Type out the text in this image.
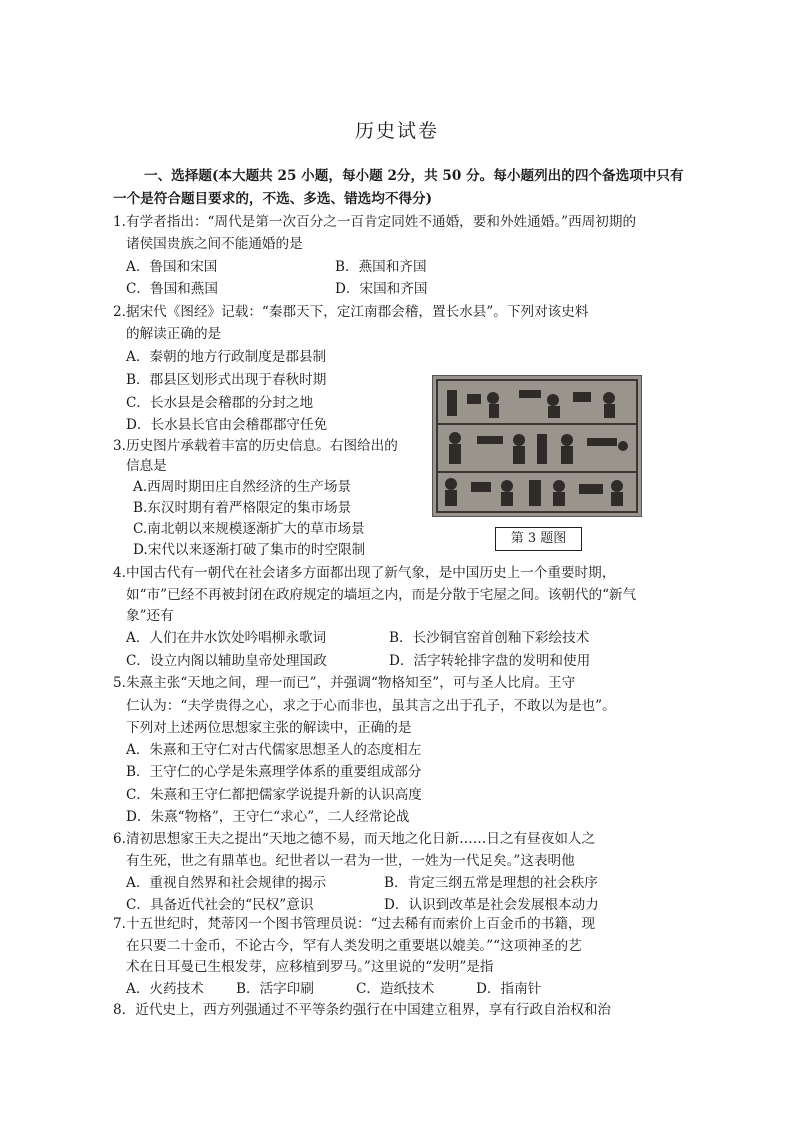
历史试卷
一、选择题(本大题共 25 小题，每小题 2分，共 50 分。每小题列出的四个备选项中只有
一个是符合题目要求的，不选、多选、错选均不得分)
1.有学者指出：“周代是第一次百分之一百肯定同姓不通婚，要和外姓通婚。”西周初期的
诸侯国贵族之间不能通婚的是
A．鲁国和宋国	B．燕国和齐国
C．鲁国和燕国	D．宋国和齐国
2.据宋代《图经》记载：“秦郡天下，定江南郡会稽，置长水县”。下列对该史料
的解读正确的是
A．秦朝的地方行政制度是郡县制
B．郡县区划形式出现于春秋时期
C．长水县是会稽郡的分封之地
D．长水县长官由会稽郡郡守任免
3.历史图片承载着丰富的历史信息。右图给出的
信息是
A.西周时期田庄自然经济的生产场景
B.东汉时期有着严格限定的集市场景
C.南北朝以来规模逐渐扩大的草市场景
D.宋代以来逐渐打破了集市的时空限制
第 3 题图
4.中国古代有一朝代在社会诸多方面都出现了新气象，是中国历史上一个重要时期，
如“市”已经不再被封闭在政府规定的墙垣之内，而是分散于宅屋之间。该朝代的“新气
象”还有
A．人们在井水饮处吟唱柳永歌词	B．长沙铜官窑首创釉下彩绘技术
C．设立内阁以辅助皇帝处理国政	D．活字转轮排字盘的发明和使用
5.朱熹主张“天地之间，理一而已”，并强调“物格知至”，可与圣人比肩。王守
仁认为：“夫学贵得之心，求之于心而非也，虽其言之出于孔子，不敢以为是也”。
下列对上述两位思想家主张的解读中，正确的是
A．朱熹和王守仁对古代儒家思想圣人的态度相左
B．王守仁的心学是朱熹理学体系的重要组成部分
C．朱熹和王守仁都把儒家学说提升新的认识高度
D．朱熹“物格”，王守仁“求心”，二人经常论战
6.清初思想家王夫之提出“天地之德不易，而天地之化日新……日之有昼夜如人之
有生死，世之有鼎革也。纪世者以一君为一世，一姓为一代足矣。”这表明他
A．重视自然界和社会规律的揭示	B．肯定三纲五常是理想的社会秩序
C．具备近代社会的“民权”意识	D．认识到改革是社会发展根本动力
7.十五世纪时，梵蒂冈一个图书管理员说：“过去稀有而索价上百金币的书籍，现
在只要二十金币，不论古今，罕有人类发明之重要堪以媲美。”“这项神圣的艺
术在日耳曼已生根发芽，应移植到罗马。”这里说的“发明”是指
A．火药技术 B．活字印刷	C．造纸技术	D．指南针
8．近代史上，西方列强通过不平等条约强行在中国建立租界，享有行政自治权和治
